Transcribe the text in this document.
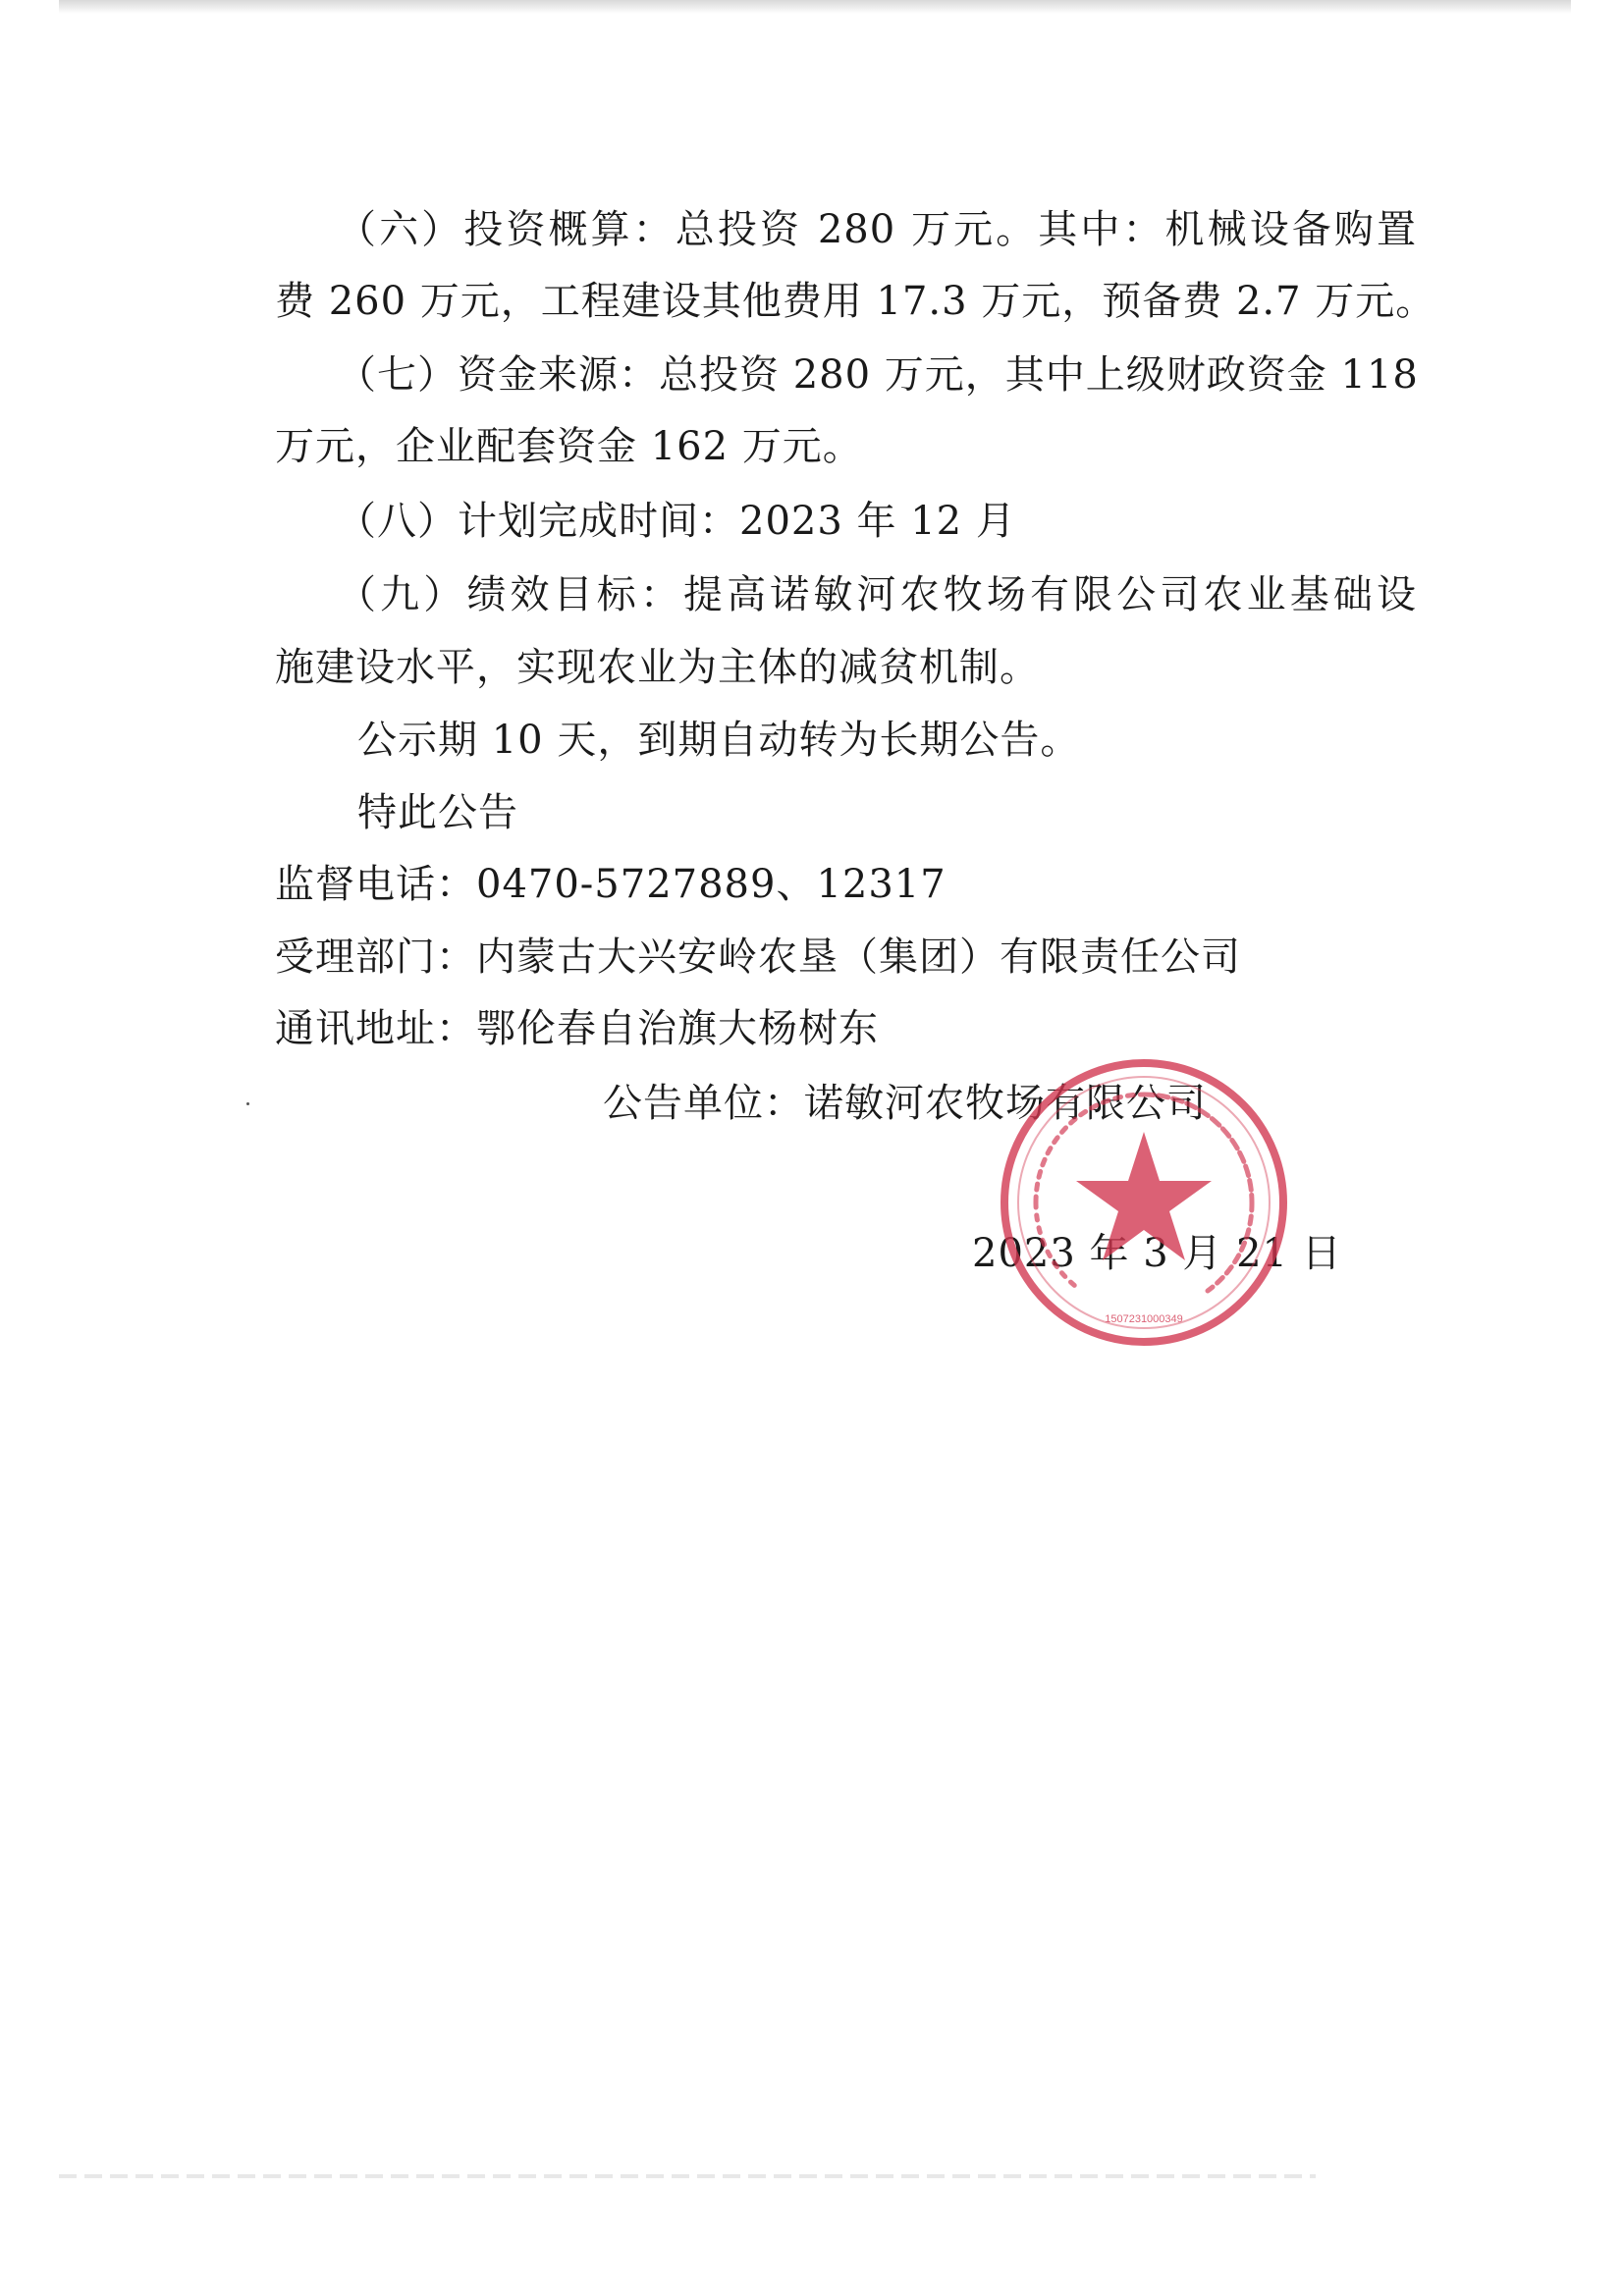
（六）投资概算：总投资 280 万元。其中：机械设备购置
费 260 万元，工程建设其他费用 17.3 万元，预备费 2.7 万元。
（七）资金来源：总投资 280 万元，其中上级财政资金 118
万元，企业配套资金 162 万元。
（八）计划完成时间：2023 年 12 月
（九）绩效目标：提高诺敏河农牧场有限公司农业基础设
施建设水平，实现农业为主体的减贫机制。
公示期 10 天，到期自动转为长期公告。
特此公告
监督电话：0470-5727889、12317
受理部门：内蒙古大兴安岭农垦（集团）有限责任公司
通讯地址：鄂伦春自治旗大杨树东
公告单位：诺敏河农牧场有限公司
2023 年 3 月 21 日
1507231000349
